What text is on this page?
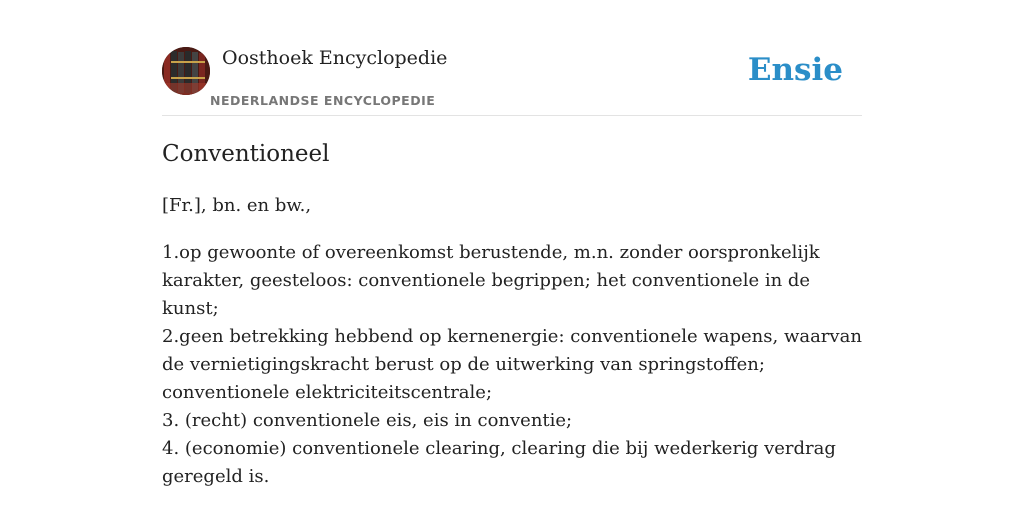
Oosthoek Encyclopedie
NEDERLANDSE ENCYCLOPEDIE
Ensie
Conventioneel

[Fr.], bn. en bw.,

1.op gewoonte of overeenkomst berustende, m.n. zonder oorspronkelijk karakter, geesteloos: conventionele begrippen; het conventionele in de kunst;
2.geen betrekking hebbend op kernenergie: conventionele wapens, waarvan de vernietigingskracht berust op de uitwerking van springstoffen; conventionele elektriciteitscentrale;
3. (recht) conventionele eis, eis in conventie;
4. (economie) conventionele clearing, clearing die bij wederkerig verdrag geregeld is.
